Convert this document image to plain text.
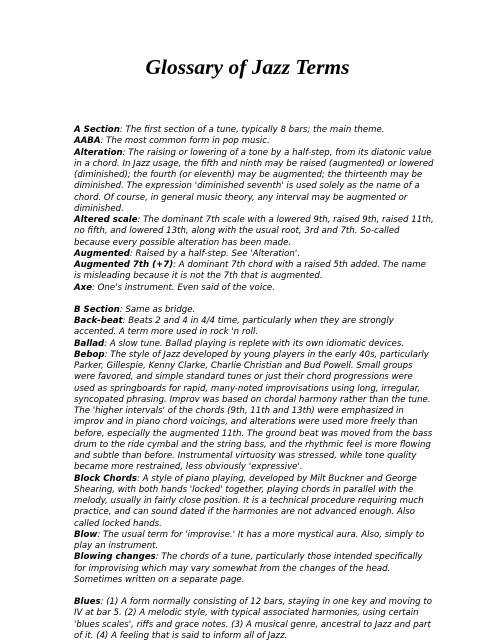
Glossary of Jazz Terms

A Section: The first section of a tune, typically 8 bars; the main theme.

AABA: The most common form in pop music.

Alteration: The raising or lowering of a tone by a half-step, from its diatonic value in a chord. In Jazz usage, the fifth and ninth may be raised (augmented) or lowered (diminished); the fourth (or eleventh) may be augmented; the thirteenth may be diminished. The expression 'diminished seventh' is used solely as the name of a chord. Of course, in general music theory, any interval may be augmented or diminished.

Altered scale: The dominant 7th scale with a lowered 9th, raised 9th, raised 11th, no fifth, and lowered 13th, along with the usual root, 3rd and 7th. So-called because every possible alteration has been made.

Augmented: Raised by a half-step. See 'Alteration'.

Augmented 7th (+7): A dominant 7th chord with a raised 5th added. The name is misleading because it is not the 7th that is augmented.

Axe: One's instrument. Even said of the voice.

B Section: Same as bridge.

Back-beat: Beats 2 and 4 in 4/4 time, particularly when they are strongly accented. A term more used in rock 'n roll.

Ballad: A slow tune. Ballad playing is replete with its own idiomatic devices.

Bebop: The style of Jazz developed by young players in the early 40s, particularly Parker, Gillespie, Kenny Clarke, Charlie Christian and Bud Powell. Small groups were favored, and simple standard tunes or just their chord progressions were used as springboards for rapid, many-noted improvisations using long, irregular, syncopated phrasing. Improv was based on chordal harmony rather than the tune. The 'higher intervals' of the chords (9th, 11th and 13th) were emphasized in improv and in piano chord voicings, and alterations were used more freely than before, especially the augmented 11th. The ground beat was moved from the bass drum to the ride cymbal and the string bass, and the rhythmic feel is more flowing and subtle than before. Instrumental virtuosity was stressed, while tone quality became more restrained, less obviously 'expressive'.

Block Chords: A style of piano playing, developed by Milt Buckner and George Shearing, with both hands 'locked' together, playing chords in parallel with the melody, usually in fairly close position. It is a technical procedure requiring much practice, and can sound dated if the harmonies are not advanced enough. Also called locked hands.

Blow: The usual term for 'improvise.' It has a more mystical aura. Also, simply to play an instrument.

Blowing changes: The chords of a tune, particularly those intended specifically for improvising which may vary somewhat from the changes of the head. Sometimes written on a separate page.

Blues: (1) A form normally consisting of 12 bars, staying in one key and moving to IV at bar 5. (2) A melodic style, with typical associated harmonies, using certain 'blues scales', riffs and grace notes. (3) A musical genre, ancestral to Jazz and part of it. (4) A feeling that is said to inform all of Jazz.
